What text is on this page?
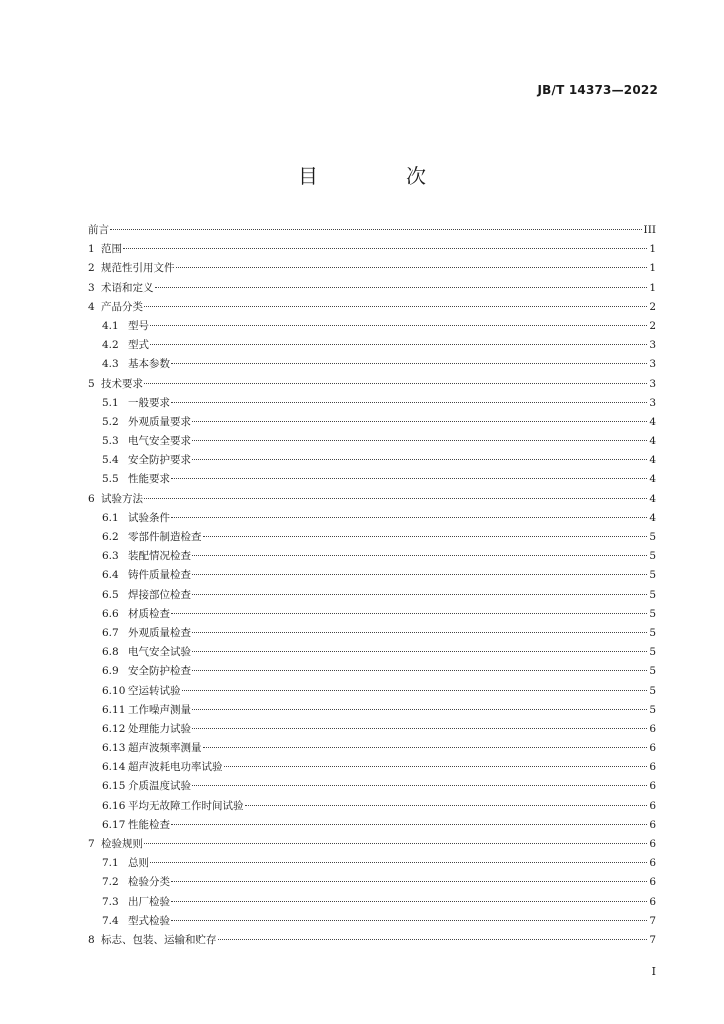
JB/T 14373—2022
目　次
前言	III
1 范围	1
2 规范性引用文件	1
3 术语和定义	1
4 产品分类	2
4.1 型号	2
4.2 型式	3
4.3 基本参数	3
5 技术要求	3
5.1 一般要求	3
5.2 外观质量要求	4
5.3 电气安全要求	4
5.4 安全防护要求	4
5.5 性能要求	4
6 试验方法	4
6.1 试验条件	4
6.2 零部件制造检查	5
6.3 装配情况检查	5
6.4 铸件质量检查	5
6.5 焊接部位检查	5
6.6 材质检查	5
6.7 外观质量检查	5
6.8 电气安全试验	5
6.9 安全防护检查	5
6.10 空运转试验	5
6.11 工作噪声测量	5
6.12 处理能力试验	6
6.13 超声波频率测量	6
6.14 超声波耗电功率试验	6
6.15 介质温度试验	6
6.16 平均无故障工作时间试验	6
6.17 性能检查	6
7 检验规则	6
7.1 总则	6
7.2 检验分类	6
7.3 出厂检验	6
7.4 型式检验	7
8 标志、包装、运输和贮存	7
I
